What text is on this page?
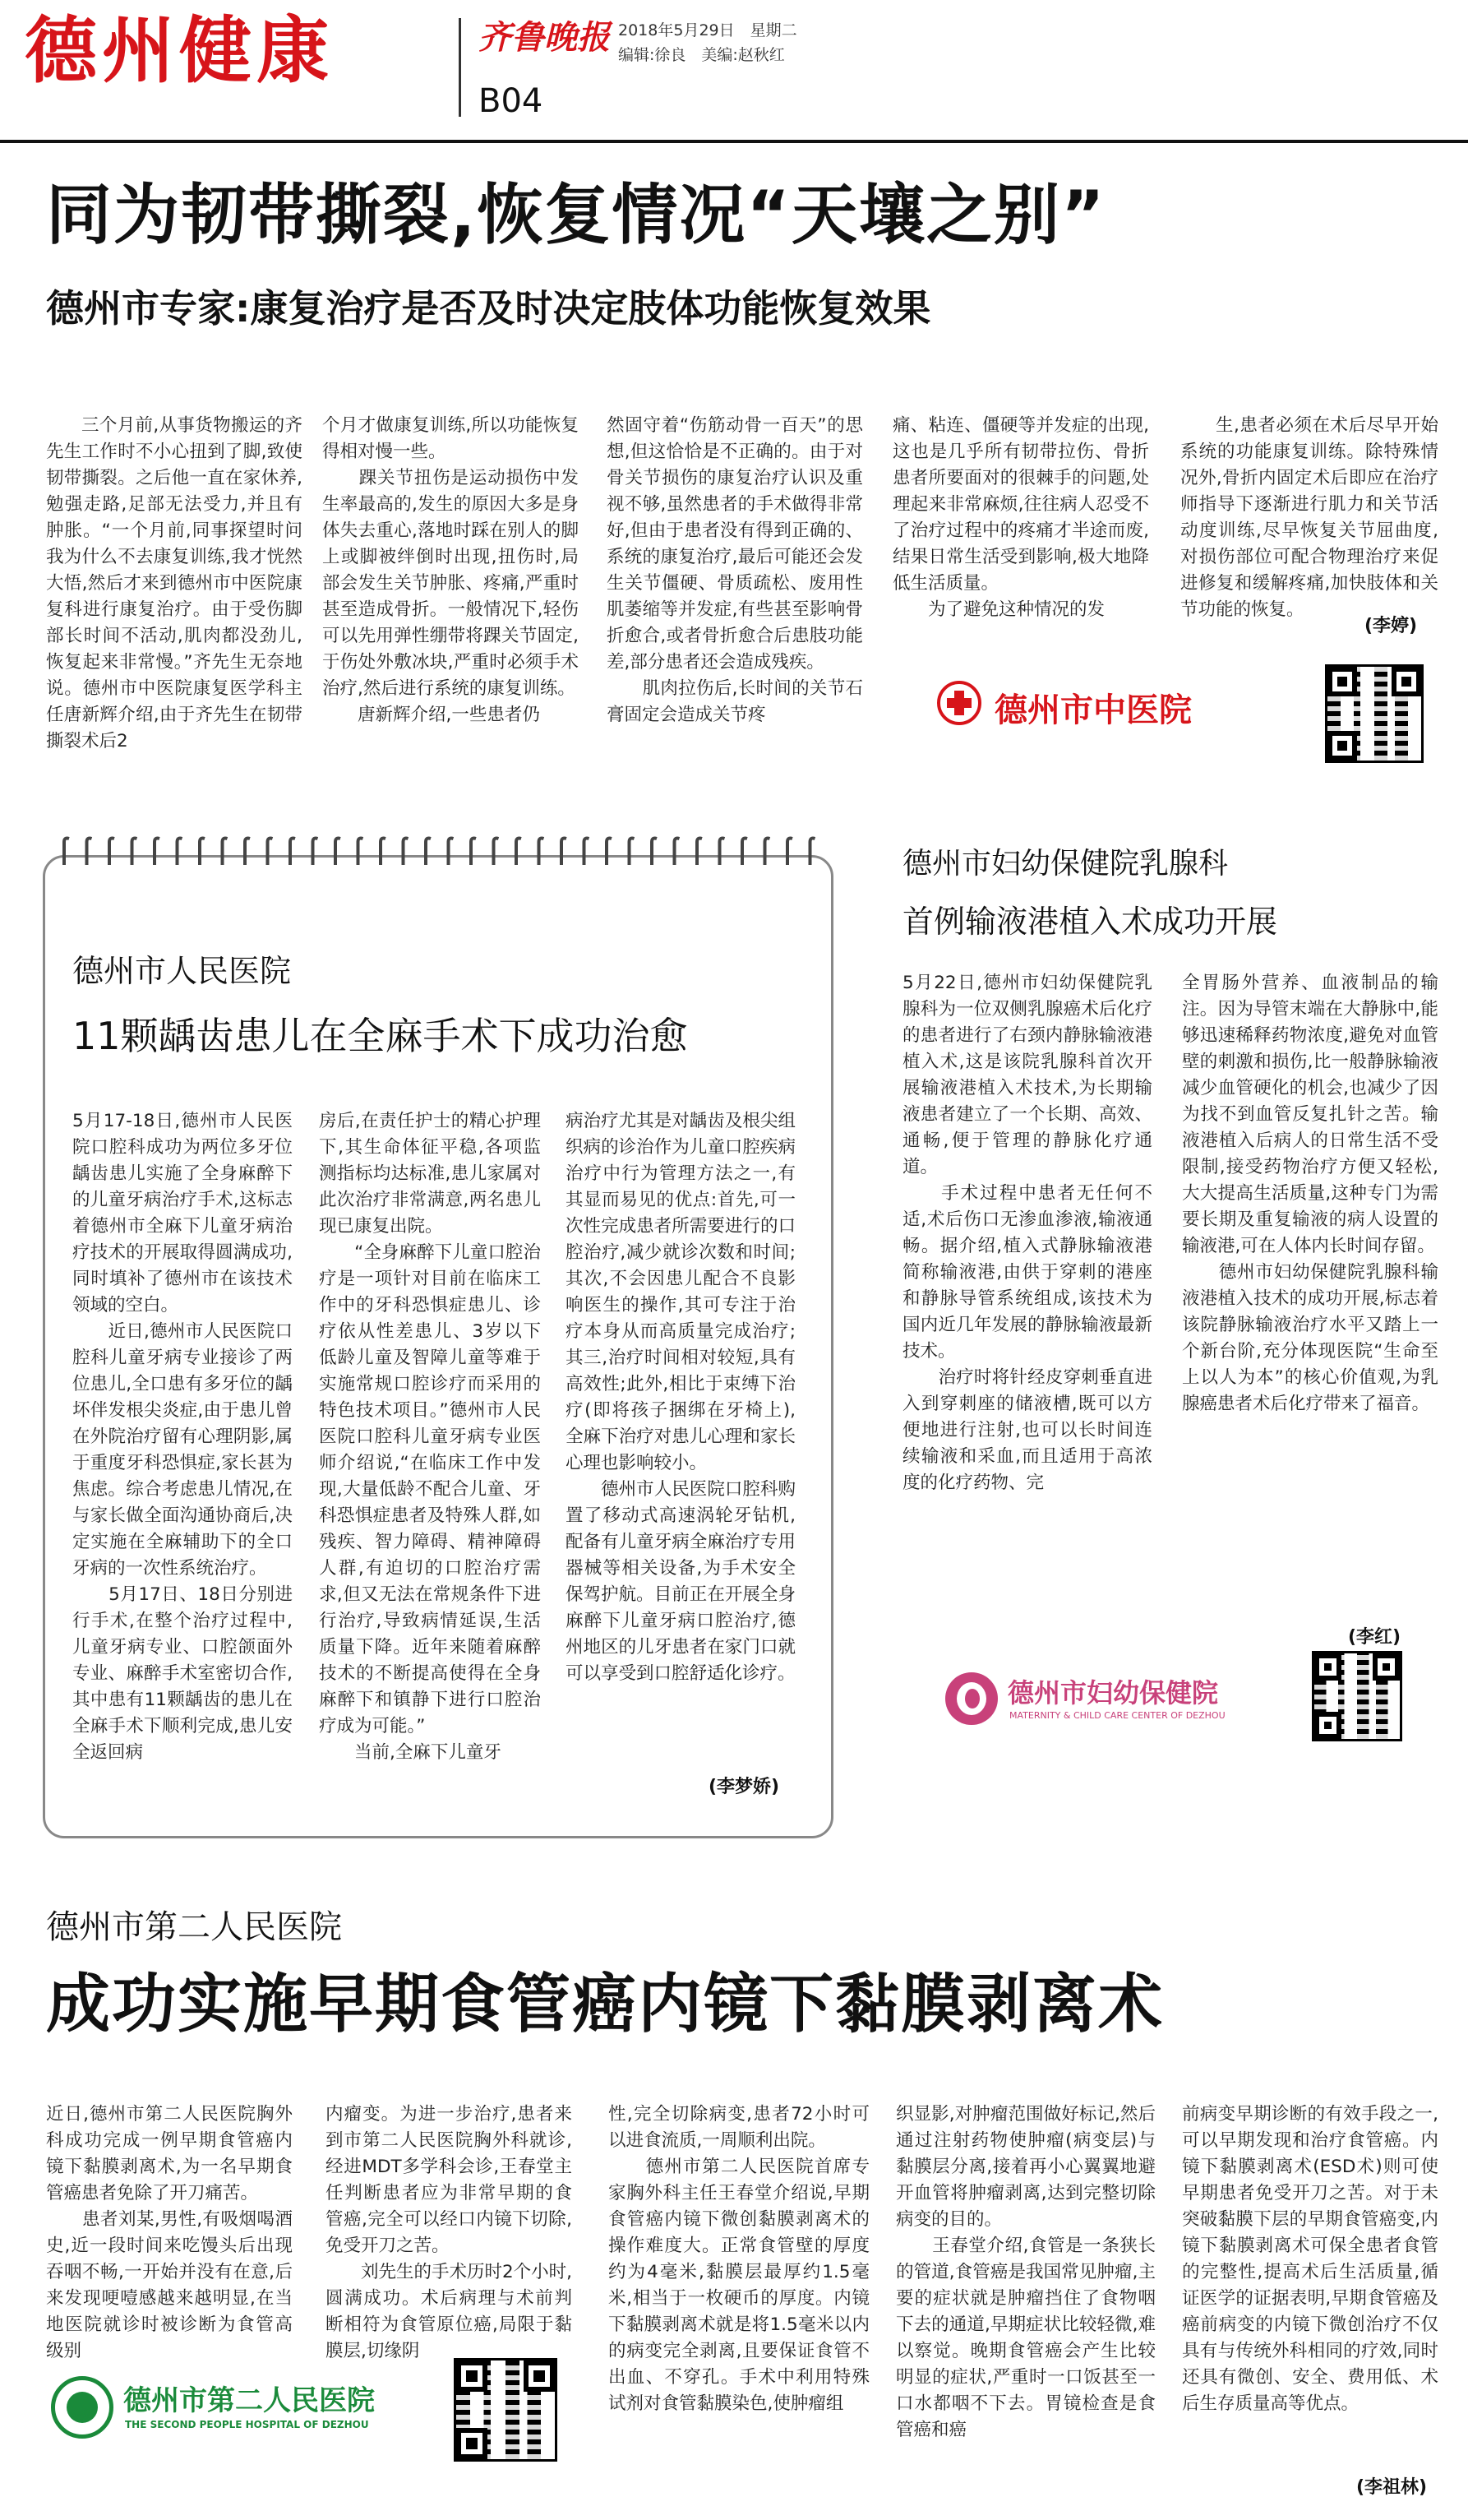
德州健康	齐鲁晚报
B04
2018年5月29日　星期二
编辑:徐良　美编:赵秋红
同为韧带撕裂,恢复情况“天壤之别”
德州市专家:康复治疗是否及时决定肢体功能恢复效果
三个月前,从事货物搬运的齐先生工作时不小心扭到了脚,致使韧带撕裂。之后他一直在家休养,勉强走路,足部无法受力,并且有肿胀。“一个月前,同事探望时问我为什么不去康复训练,我才恍然大悟,然后才来到德州市中医院康复科进行康复治疗。由于受伤脚部长时间不活动,肌肉都没劲儿,恢复起来非常慢。”齐先生无奈地说。德州市中医院康复医学科主任唐新辉介绍,由于齐先生在韧带撕裂术后2
个月才做康复训练,所以功能恢复得相对慢一些。
　　踝关节扭伤是运动损伤中发生率最高的,发生的原因大多是身体失去重心,落地时踩在别人的脚上或脚被绊倒时出现,扭伤时,局部会发生关节肿胀、疼痛,严重时甚至造成骨折。一般情况下,轻伤可以先用弹性绷带将踝关节固定,于伤处外敷冰块,严重时必须手术治疗,然后进行系统的康复训练。
　　唐新辉介绍,一些患者仍
然固守着“伤筋动骨一百天”的思想,但这恰恰是不正确的。由于对骨关节损伤的康复治疗认识及重视不够,虽然患者的手术做得非常好,但由于患者没有得到正确的、系统的康复治疗,最后可能还会发生关节僵硬、骨质疏松、废用性肌萎缩等并发症,有些甚至影响骨折愈合,或者骨折愈合后患肢功能差,部分患者还会造成残疾。
　　肌肉拉伤后,长时间的关节石膏固定会造成关节疼
痛、粘连、僵硬等并发症的出现,这也是几乎所有韧带拉伤、骨折患者所要面对的很棘手的问题,处理起来非常麻烦,往往病人忍受不了治疗过程中的疼痛才半途而废,结果日常生活受到影响,极大地降低生活质量。
　　为了避免这种情况的发
生,患者必须在术后尽早开始系统的功能康复训练。除特殊情况外,骨折内固定术后即应在治疗师指导下逐渐进行肌力和关节活动度训练,尽早恢复关节屈曲度,对损伤部位可配合物理治疗来促进修复和缓解疼痛,加快肢体和关节功能的恢复。
(李婷)
德州市中医院
德州市人民医院
11颗龋齿患儿在全麻手术下成功治愈
5月17-18日,德州市人民医院口腔科成功为两位多牙位龋齿患儿实施了全身麻醉下的儿童牙病治疗手术,这标志着德州市全麻下儿童牙病治疗技术的开展取得圆满成功,同时填补了德州市在该技术领域的空白。
　　近日,德州市人民医院口腔科儿童牙病专业接诊了两位患儿,全口患有多牙位的龋坏伴发根尖炎症,由于患儿曾在外院治疗留有心理阴影,属于重度牙科恐惧症,家长甚为焦虑。综合考虑患儿情况,在与家长做全面沟通协商后,决定实施在全麻辅助下的全口牙病的一次性系统治疗。
　　5月17日、18日分别进行手术,在整个治疗过程中,儿童牙病专业、口腔颌面外专业、麻醉手术室密切合作,其中患有11颗龋齿的患儿在全麻手术下顺利完成,患儿安全返回病
房后,在责任护士的精心护理下,其生命体征平稳,各项监测指标均达标准,患儿家属对此次治疗非常满意,两名患儿现已康复出院。
　　“全身麻醉下儿童口腔治疗是一项针对目前在临床工作中的牙科恐惧症患儿、诊疗依从性差患儿、3岁以下低龄儿童及智障儿童等难于实施常规口腔诊疗而采用的特色技术项目。”德州市人民医院口腔科儿童牙病专业医师介绍说,“在临床工作中发现,大量低龄不配合儿童、牙科恐惧症患者及特殊人群,如残疾、智力障碍、精神障碍人群,有迫切的口腔治疗需求,但又无法在常规条件下进行治疗,导致病情延误,生活质量下降。近年来随着麻醉技术的不断提高使得在全身麻醉下和镇静下进行口腔治疗成为可能。”
　　当前,全麻下儿童牙
病治疗尤其是对龋齿及根尖组织病的诊治作为儿童口腔疾病治疗中行为管理方法之一,有其显而易见的优点:首先,可一次性完成患者所需要进行的口腔治疗,减少就诊次数和时间;其次,不会因患儿配合不良影响医生的操作,其可专注于治疗本身从而高质量完成治疗;其三,治疗时间相对较短,具有高效性;此外,相比于束缚下治疗(即将孩子捆绑在牙椅上),全麻下治疗对患儿心理和家长心理也影响较小。
　　德州市人民医院口腔科购置了移动式高速涡轮牙钻机,配备有儿童牙病全麻治疗专用器械等相关设备,为手术安全保驾护航。目前正在开展全身麻醉下儿童牙病口腔治疗,德州地区的儿牙患者在家门口就可以享受到口腔舒适化诊疗。
(李梦娇)
德州市妇幼保健院乳腺科
首例输液港植入术成功开展
5月22日,德州市妇幼保健院乳腺科为一位双侧乳腺癌术后化疗的患者进行了右颈内静脉输液港植入术,这是该院乳腺科首次开展输液港植入术技术,为长期输液患者建立了一个长期、高效、通畅,便于管理的静脉化疗通道。
　　手术过程中患者无任何不适,术后伤口无渗血渗液,输液通畅。据介绍,植入式静脉输液港简称输液港,由供于穿刺的港座和静脉导管系统组成,该技术为国内近几年发展的静脉输液最新技术。
　　治疗时将针经皮穿刺垂直进入到穿刺座的储液槽,既可以方便地进行注射,也可以长时间连续输液和采血,而且适用于高浓度的化疗药物、完
全胃肠外营养、血液制品的输注。因为导管末端在大静脉中,能够迅速稀释药物浓度,避免对血管壁的刺激和损伤,比一般静脉输液减少血管硬化的机会,也减少了因为找不到血管反复扎针之苦。输液港植入后病人的日常生活不受限制,接受药物治疗方便又轻松,大大提高生活质量,这种专门为需要长期及重复输液的病人设置的输液港,可在人体内长时间存留。
　　德州市妇幼保健院乳腺科输液港植入技术的成功开展,标志着该院静脉输液治疗水平又踏上一个新台阶,充分体现医院“生命至上以人为本”的核心价值观,为乳腺癌患者术后化疗带来了福音。
(李红)
德州市妇幼保健院
MATERNITY & CHILD CARE CENTER OF DEZHOU
德州市第二人民医院
成功实施早期食管癌内镜下黏膜剥离术
近日,德州市第二人民医院胸外科成功完成一例早期食管癌内镜下黏膜剥离术,为一名早期食管癌患者免除了开刀痛苦。
　　患者刘某,男性,有吸烟喝酒史,近一段时间来吃馒头后出现吞咽不畅,一开始并没有在意,后来发现哽噎感越来越明显,在当地医院就诊时被诊断为食管高级别
内瘤变。为进一步治疗,患者来到市第二人民医院胸外科就诊,经进MDT多学科会诊,王春堂主任判断患者应为非常早期的食管癌,完全可以经口内镜下切除,免受开刀之苦。
　　刘先生的手术历时2个小时,圆满成功。术后病理与术前判断相符为食管原位癌,局限于黏膜层,切缘阴
性,完全切除病变,患者72小时可以进食流质,一周顺利出院。
　　德州市第二人民医院首席专家胸外科主任王春堂介绍说,早期食管癌内镜下微创黏膜剥离术的操作难度大。正常食管壁的厚度约为4毫米,黏膜层最厚约1.5毫米,相当于一枚硬币的厚度。内镜下黏膜剥离术就是将1.5毫米以内的病变完全剥离,且要保证食管不出血、不穿孔。手术中利用特殊试剂对食管黏膜染色,使肿瘤组
织显影,对肿瘤范围做好标记,然后通过注射药物使肿瘤(病变层)与黏膜层分离,接着再小心翼翼地避开血管将肿瘤剥离,达到完整切除病变的目的。
　　王春堂介绍,食管是一条狭长的管道,食管癌是我国常见肿瘤,主要的症状就是肿瘤挡住了食物咽下去的通道,早期症状比较轻微,难以察觉。晚期食管癌会产生比较明显的症状,严重时一口饭甚至一口水都咽不下去。胃镜检查是食管癌和癌
前病变早期诊断的有效手段之一,可以早期发现和治疗食管癌。内镜下黏膜剥离术(ESD术)则可使早期患者免受开刀之苦。对于未突破黏膜下层的早期食管癌变,内镜下黏膜剥离术可保全患者食管的完整性,提高术后生活质量,循证医学的证据表明,早期食管癌及癌前病变的内镜下微创治疗不仅具有与传统外科相同的疗效,同时还具有微创、安全、费用低、术后生存质量高等优点。
(李祖林)
德州市第二人民医院
THE SECOND PEOPLE HOSPITAL OF DEZHOU
